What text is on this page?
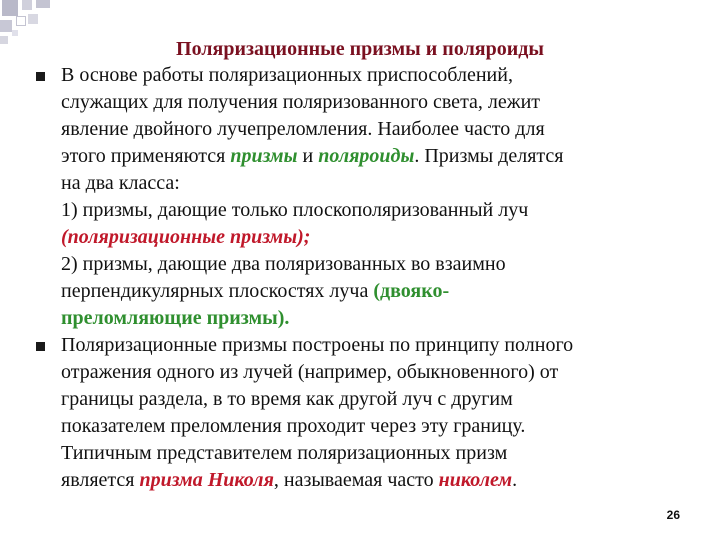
Поляризационные призмы и поляроиды
В основе работы поляризационных приспособлений,
служащих для получения поляризованного света, лежит
явление двойного лучепреломления. Наиболее часто для
этого применяются призмы и поляроиды. Призмы делятся
на два класса:
1) призмы, дающие только плоскополяризованный луч
(поляризационные призмы);
2) призмы, дающие два поляризованных во взаимно
перпендикулярных плоскостях луча (двояко-
преломляющие призмы).
Поляризационные призмы построены по принципу полного
отражения одного из лучей (например, обыкновенного) от
границы раздела, в то время как другой луч с другим
показателем преломления проходит через эту границу.
Типичным представителем поляризационных призм
является призма Николя, называемая часто николем.
26
